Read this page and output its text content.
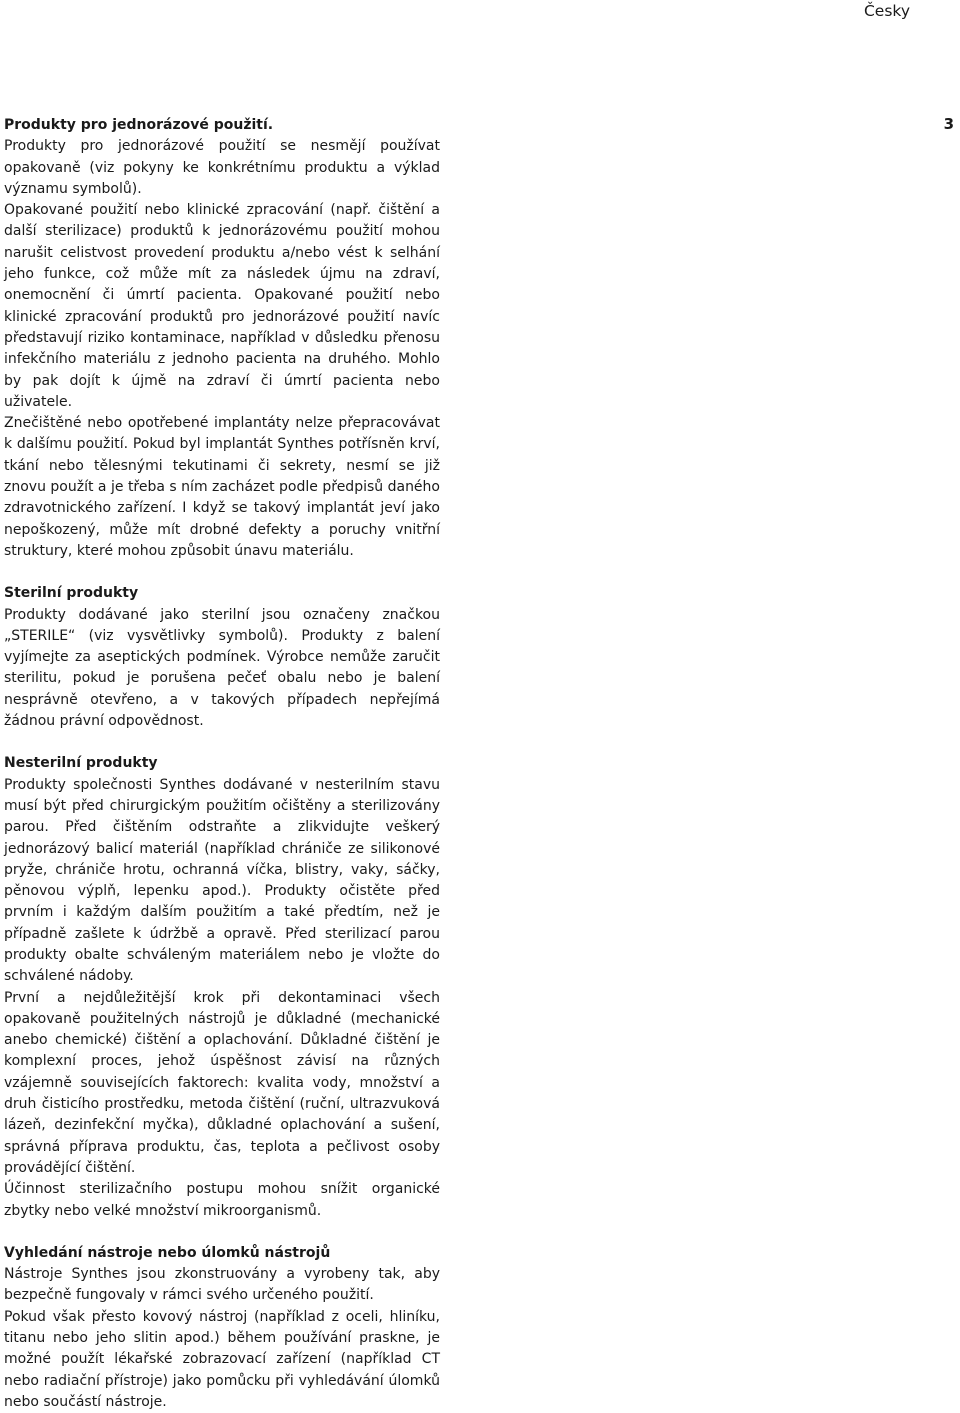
Česky
3
Produkty pro jednorázové použití.

Produkty pro jednorázové použití se nesmějí používat opakovaně (viz pokyny ke konkrétnímu produktu a výklad významu symbolů).

Opakované použití nebo klinické zpracování (např. čištění a další sterilizace) produktů k jednorázovému použití mohou narušit celistvost provedení produktu a/nebo vést k selhání jeho funkce, což může mít za následek újmu na zdraví, onemocnění či úmrtí pacienta. Opakované použití nebo klinické zpracování produktů pro jednorázové použití navíc představují riziko kontaminace, například v důsledku přenosu infekčního materiálu z jednoho pacienta na druhého. Mohlo by pak dojít k újmě na zdraví či úmrtí pacienta nebo uživatele.

Znečištěné nebo opotřebené implantáty nelze přepracovávat k dalšímu použití. Pokud byl implantát Synthes potřísněn krví, tkání nebo tělesnými tekutinami či sekrety, nesmí se již znovu použít a je třeba s ním zacházet podle předpisů daného zdravotnického zařízení. I když se takový implantát jeví jako nepoškozený, může mít drobné defekty a poruchy vnitřní struktury, které mohou způsobit únavu materiálu.

Sterilní produkty

Produkty dodávané jako sterilní jsou označeny značkou „STERILE“ (viz vysvětlivky symbolů). Produkty z balení vyjímejte za aseptických podmínek. Výrobce nemůže zaručit sterilitu, pokud je porušena pečeť obalu nebo je balení nesprávně otevřeno, a v takových případech nepřejímá žádnou právní odpovědnost.

Nesterilní produkty

Produkty společnosti Synthes dodávané v nesterilním stavu musí být před chirurgickým použitím očištěny a sterilizovány parou. Před čištěním odstraňte a zlikvidujte veškerý jednorázový balicí materiál (například chrániče ze silikonové pryže, chrániče hrotu, ochranná víčka, blistry, vaky, sáčky, pěnovou výplň, lepenku apod.). Produkty očistěte před prvním i každým dalším použitím a také předtím, než je případně zašlete k údržbě a opravě. Před sterilizací parou produkty obalte schváleným materiálem nebo je vložte do schválené nádoby.

První a nejdůležitější krok při dekontaminaci všech opakovaně použitelných nástrojů je důkladné (mechanické anebo chemické) čištění a oplachování. Důkladné čištění je komplexní proces, jehož úspěšnost závisí na různých vzájemně souvisejících faktorech: kvalita vody, množství a druh čisticího prostředku, metoda čištění (ruční, ultrazvuková lázeň, dezinfekční myčka), důkladné oplachování a sušení, správná příprava produktu, čas, teplota a pečlivost osoby provádějící čištění.

Účinnost sterilizačního postupu mohou snížit organické zbytky nebo velké množství mikroorganismů.

Vyhledání nástroje nebo úlomků nástrojů

Nástroje Synthes jsou zkonstruovány a vyrobeny tak, aby bezpečně fungovaly v rámci svého určeného použití.

Pokud však přesto kovový nástroj (například z oceli, hliníku, titanu nebo jeho slitin apod.) během používání praskne, je možné použít lékařské zobrazovací zařízení (například CT nebo radiační přístroje) jako pomůcku při vyhledávání úlomků nebo součástí nástroje.
